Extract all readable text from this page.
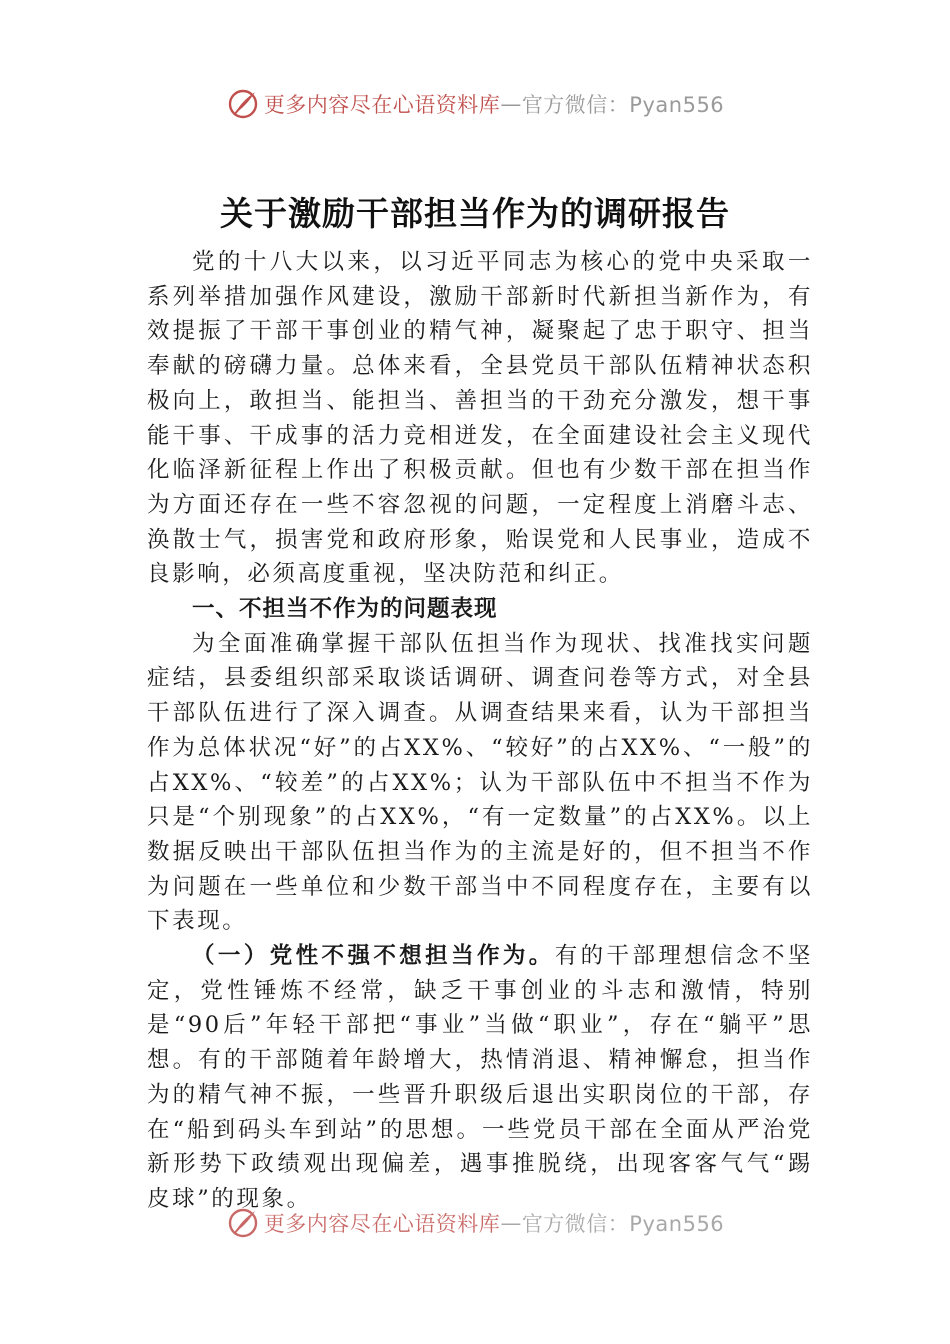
更多内容尽在心语资料库—官方微信：Pyan556
关于激励干部担当作为的调研报告

党的十八大以来，以习近平同志为核心的党中央采取一系列举措加强作风建设，激励干部新时代新担当新作为，有效提振了干部干事创业的精气神，凝聚起了忠于职守、担当奉献的磅礴力量。总体来看，全县党员干部队伍精神状态积极向上，敢担当、能担当、善担当的干劲充分激发，想干事能干事、干成事的活力竞相迸发，在全面建设社会主义现代化临泽新征程上作出了积极贡献。但也有少数干部在担当作为方面还存在一些不容忽视的问题，一定程度上消磨斗志、涣散士气，损害党和政府形象，贻误党和人民事业，造成不良影响，必须高度重视，坚决防范和纠正。

一、不担当不作为的问题表现

为全面准确掌握干部队伍担当作为现状、找准找实问题症结，县委组织部采取谈话调研、调查问卷等方式，对全县干部队伍进行了深入调查。从调查结果来看，认为干部担当作为总体状况“好”的占XX%、“较好”的占XX%、“一般”的占XX%、“较差”的占XX%；认为干部队伍中不担当不作为只是“个别现象”的占XX%，“有一定数量”的占XX%。以上数据反映出干部队伍担当作为的主流是好的，但不担当不作为问题在一些单位和少数干部当中不同程度存在，主要有以下表现。

（一）党性不强不想担当作为。有的干部理想信念不坚定，党性锤炼不经常，缺乏干事创业的斗志和激情，特别是“90后”年轻干部把“事业”当做“职业”，存在“躺平”思想。有的干部随着年龄增大，热情消退、精神懈怠，担当作为的精气神不振，一些晋升职级后退出实职岗位的干部，存在“船到码头车到站”的思想。一些党员干部在全面从严治党新形势下政绩观出现偏差，遇事推脱绕，出现客客气气“踢皮球”的现象。

更多内容尽在心语资料库—官方微信：Pyan556
